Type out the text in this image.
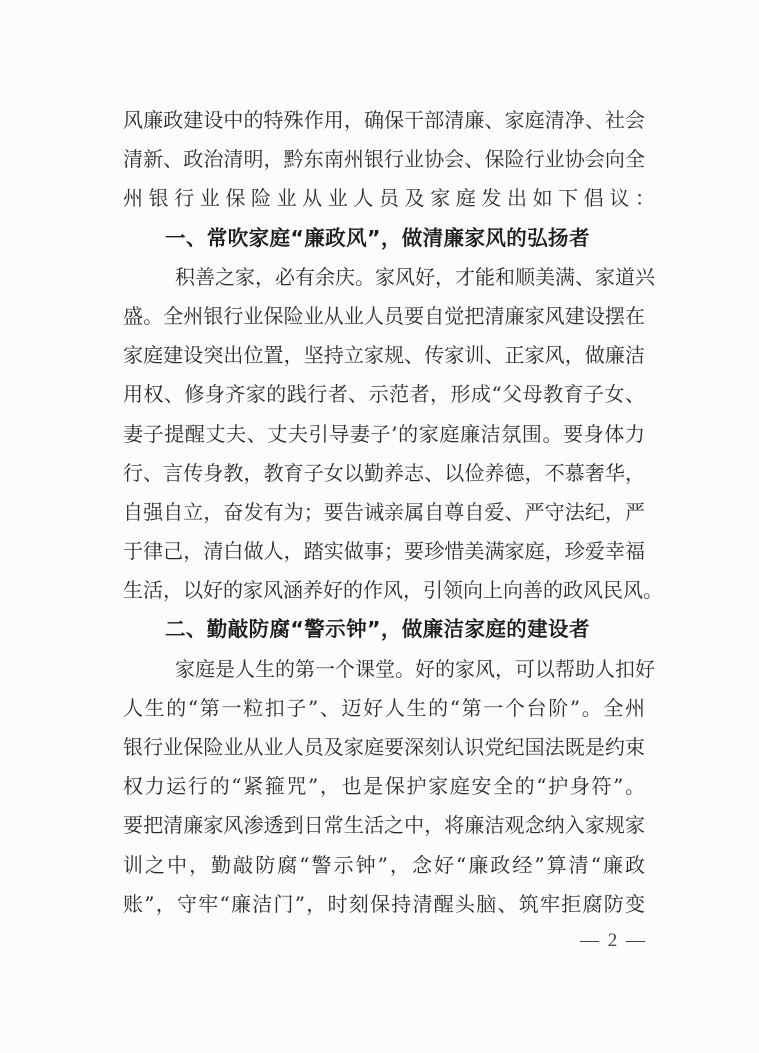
风廉政建设中的特殊作用，确保干部清廉、家庭清净、社会
清新、政治清明，黔东南州银行业协会、保险行业协会向全
州银行业保险业从业人员及家庭发出如下倡议：
一、常吹家庭“廉政风”，做清廉家风的弘扬者
积善之家，必有余庆。家风好，才能和顺美满、家道兴
盛。全州银行业保险业从业人员要自觉把清廉家风建设摆在
家庭建设突出位置，坚持立家规、传家训、正家风，做廉洁
用权、修身齐家的践行者、示范者，形成“父母教育子女、
妻子提醒丈夫、丈夫引导妻子’的家庭廉洁氛围。要身体力
行、言传身教，教育子女以勤养志、以俭养德，不慕奢华，
自强自立，奋发有为；要告诫亲属自尊自爱、严守法纪，严
于律己，清白做人，踏实做事；要珍惜美满家庭，珍爱幸福
生活，以好的家风涵养好的作风，引领向上向善的政风民风。
二、勤敲防腐“警示钟”，做廉洁家庭的建设者
家庭是人生的第一个课堂。好的家风，可以帮助人扣好
人生的“第一粒扣子”、迈好人生的“第一个台阶”。全州
银行业保险业从业人员及家庭要深刻认识党纪国法既是约束
权力运行的“紧箍咒”，也是保护家庭安全的“护身符”。
要把清廉家风渗透到日常生活之中，将廉洁观念纳入家规家
训之中，勤敲防腐“警示钟”，念好“廉政经”算清“廉政
账”，守牢“廉洁门”，时刻保持清醒头脑、筑牢拒腐防变
— 2 —
